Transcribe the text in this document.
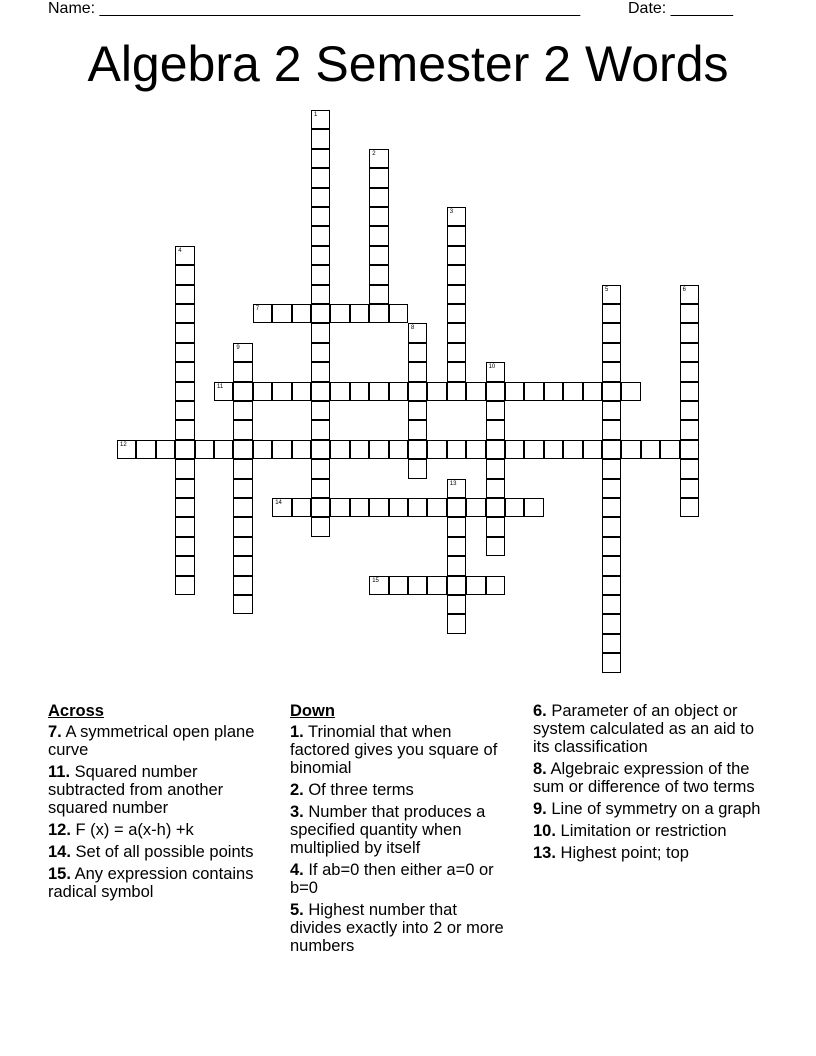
Name: ______________________________________________________	Date: _______
Algebra 2 Semester 2 Words
1
2
3
4
5	6
7
8
9
10
11
12
13
14
15
Across
7. A symmetrical open plane curve
11. Squared number subtracted from another squared number
12. F (x) = a(x-h) +k
14. Set of all possible points
15. Any expression contains radical symbol
Down
1. Trinomial that when factored gives you square of binomial
2. Of three terms
3. Number that produces a specified quantity when multiplied by itself
4. If ab=0 then either a=0 or b=0
5. Highest number that divides exactly into 2 or more numbers
6. Parameter of an object or system calculated as an aid to its classification
8. Algebraic expression of the sum or difference of two terms
9. Line of symmetry on a graph
10. Limitation or restriction
13. Highest point; top
